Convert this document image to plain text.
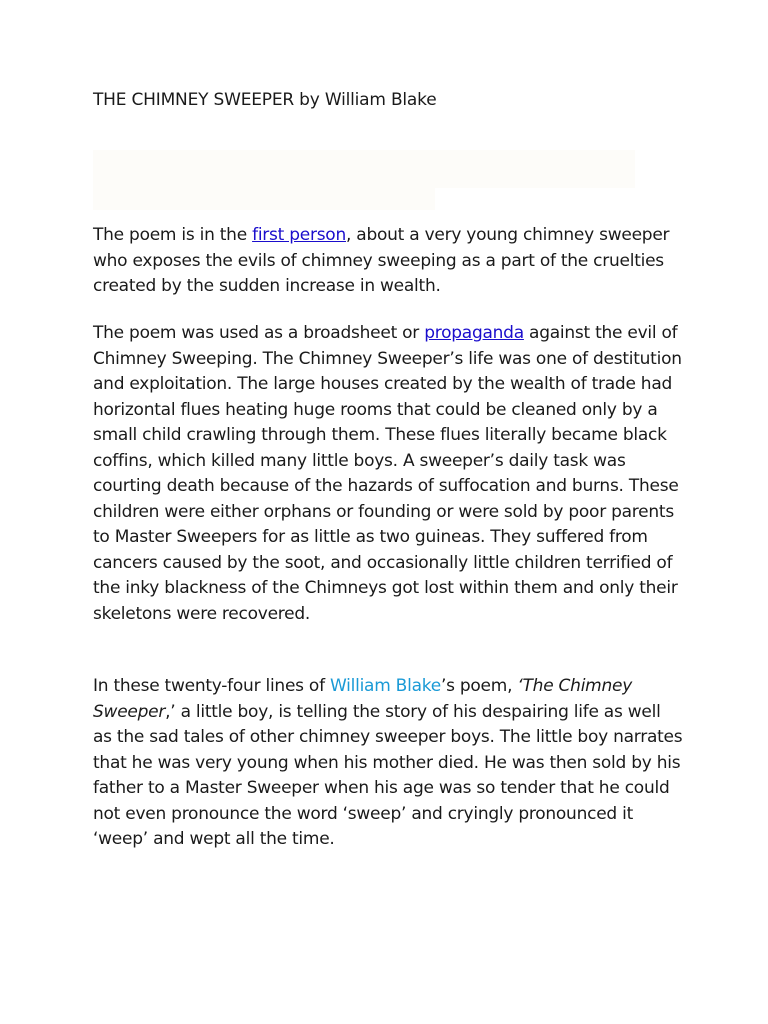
THE CHIMNEY SWEEPER by William Blake

The poem is in the first person, about a very young chimney sweeper who exposes the evils of chimney sweeping as a part of the cruelties created by the sudden increase in wealth.

The poem was used as a broadsheet or propaganda against the evil of Chimney Sweeping. The Chimney Sweeper’s life was one of destitution and exploitation. The large houses created by the wealth of trade had horizontal flues heating huge rooms that could be cleaned only by a small child crawling through them. These flues literally became black coffins, which killed many little boys. A sweeper’s daily task was courting death because of the hazards of suffocation and burns. These children were either orphans or founding or were sold by poor parents to Master Sweepers for as little as two guineas. They suffered from cancers caused by the soot, and occasionally little children terrified of the inky blackness of the Chimneys got lost within them and only their skeletons were recovered.

In these twenty-four lines of William Blake’s poem, ‘The Chimney Sweeper,’ a little boy, is telling the story of his despairing life as well as the sad tales of other chimney sweeper boys. The little boy narrates that he was very young when his mother died. He was then sold by his father to a Master Sweeper when his age was so tender that he could not even pronounce the word ‘sweep’ and cryingly pronounced it ‘weep’ and wept all the time.
